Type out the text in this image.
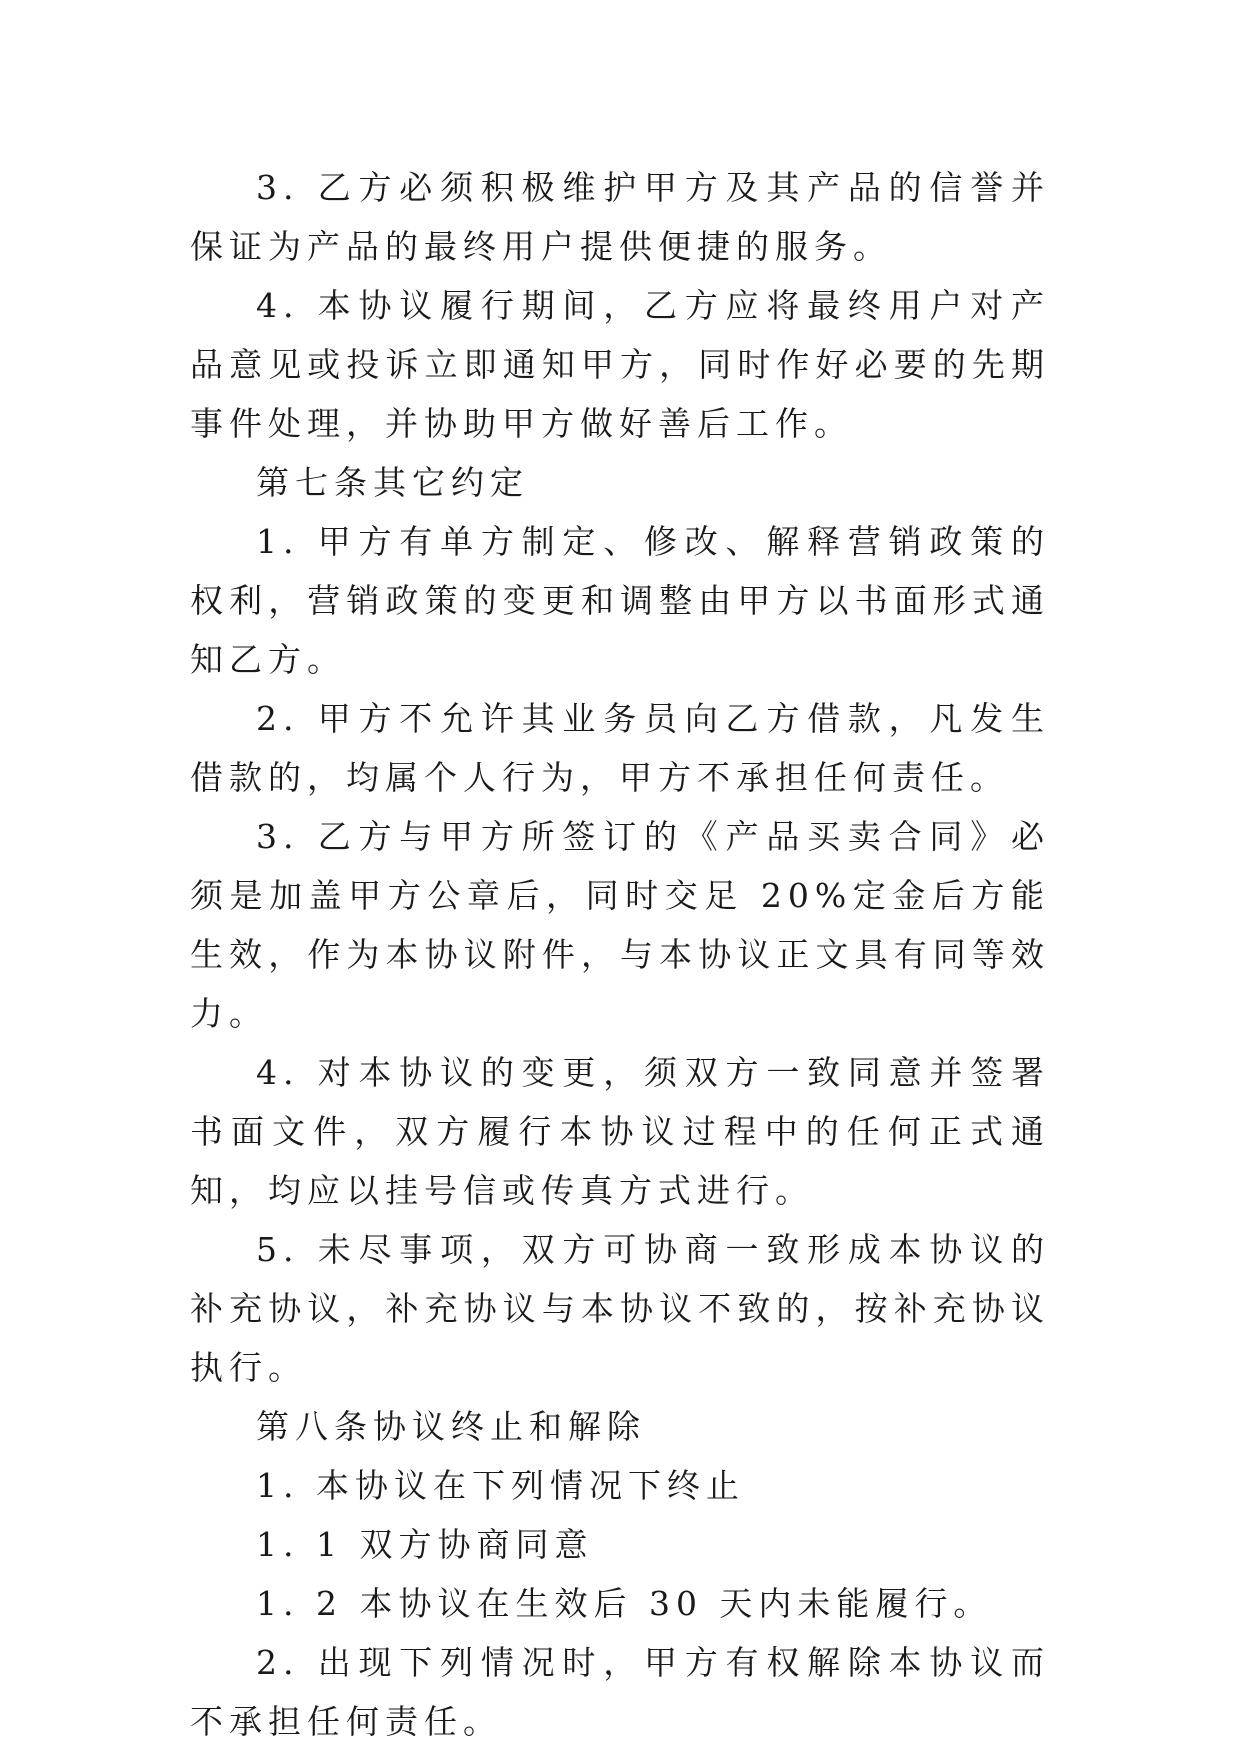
3. 乙方必须积极维护甲方及其产品的信誉并保证为产品的最终用户提供便捷的服务。

4. 本协议履行期间，乙方应将最终用户对产品意见或投诉立即通知甲方，同时作好必要的先期事件处理，并协助甲方做好善后工作。

第七条其它约定

1. 甲方有单方制定、修改、解释营销政策的权利，营销政策的变更和调整由甲方以书面形式通知乙方。

2. 甲方不允许其业务员向乙方借款，凡发生借款的，均属个人行为，甲方不承担任何责任。

3. 乙方与甲方所签订的《产品买卖合同》必须是加盖甲方公章后，同时交足 20%定金后方能生效，作为本协议附件，与本协议正文具有同等效力。

4. 对本协议的变更，须双方一致同意并签署书面文件，双方履行本协议过程中的任何正式通知，均应以挂号信或传真方式进行。

5. 未尽事项，双方可协商一致形成本协议的补充协议，补充协议与本协议不致的，按补充协议执行。

第八条协议终止和解除

1. 本协议在下列情况下终止

1. 1 双方协商同意

1. 2 本协议在生效后 30 天内未能履行。

2. 出现下列情况时，甲方有权解除本协议而不承担任何责任。
